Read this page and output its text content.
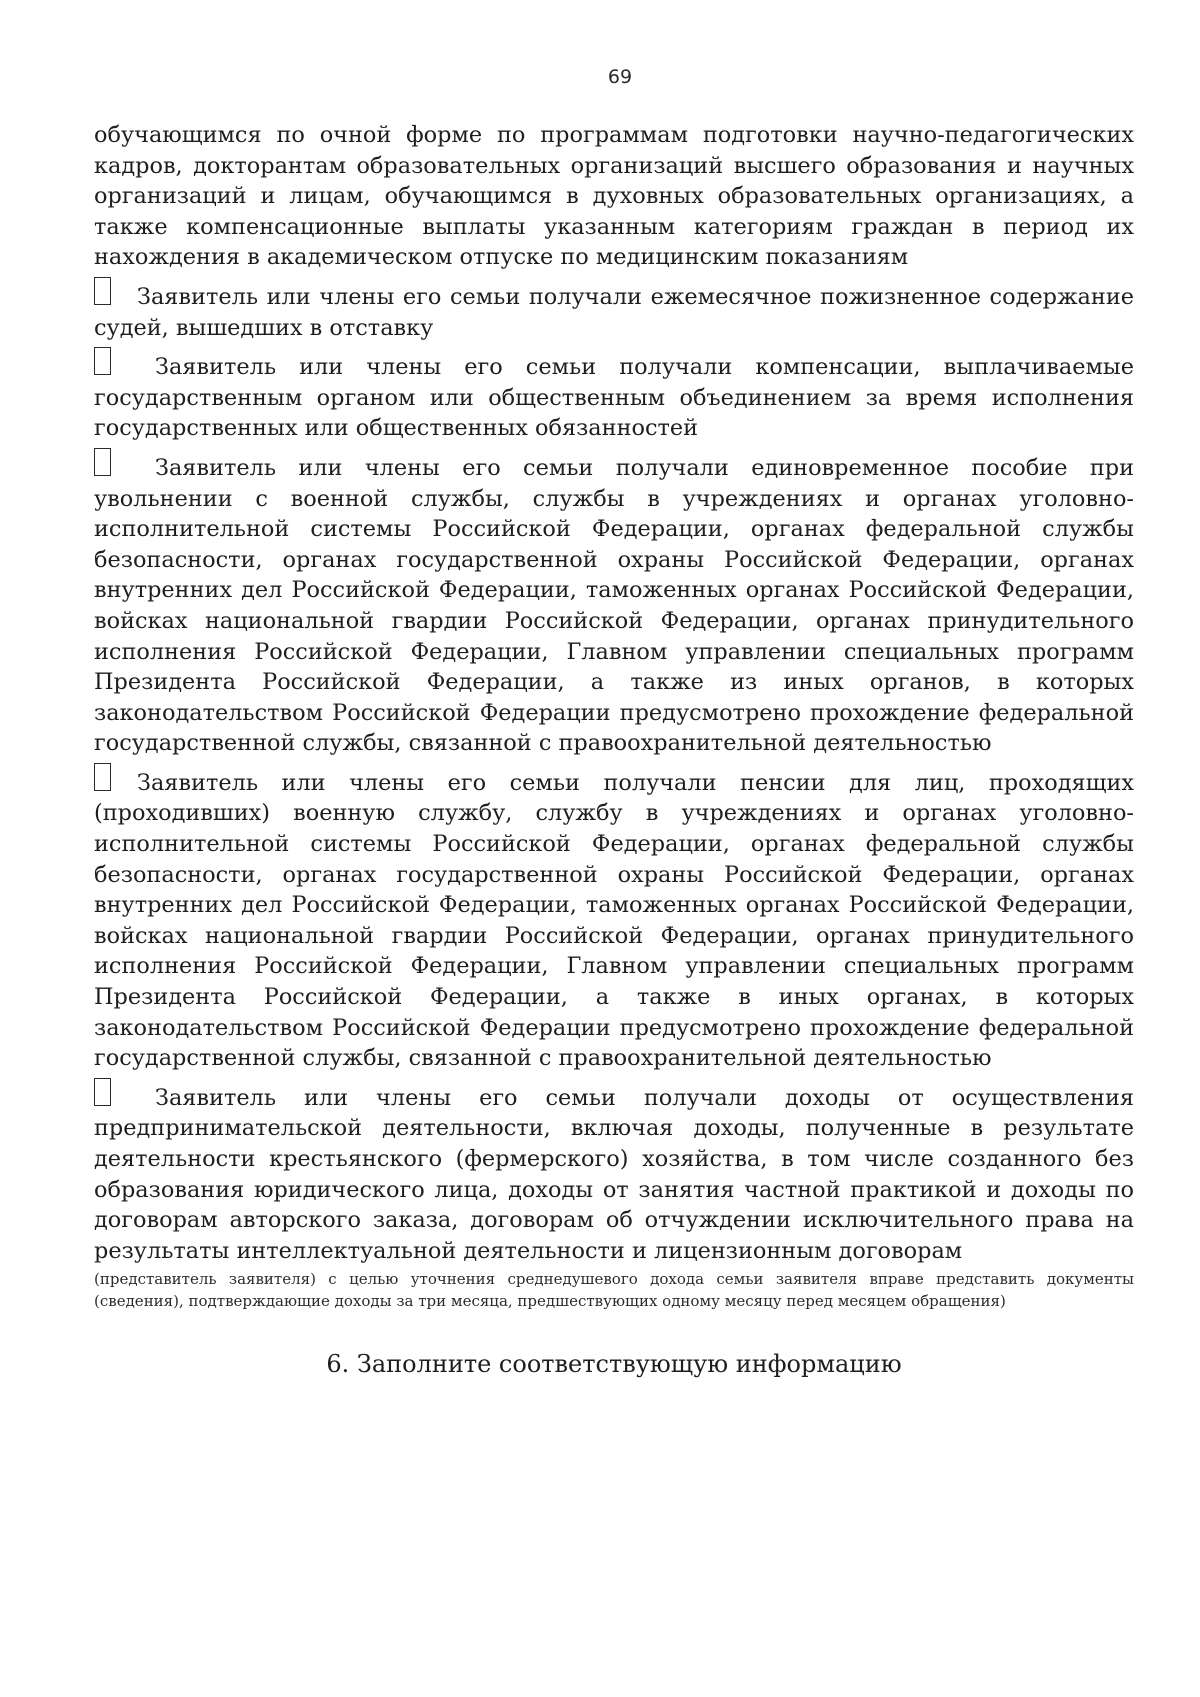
69

обучающимся по очной форме по программам подготовки научно-педагогических кадров, докторантам образовательных организаций высшего образования и научных организаций и лицам, обучающимся в духовных образовательных организациях, а также компенсационные выплаты указанным категориям граждан в период их нахождения в академическом отпуске по медицинским показаниям

Заявитель или члены его семьи получали ежемесячное пожизненное содержание судей, вышедших в отставку

Заявитель или члены его семьи получали компенсации, выплачиваемые государственным органом или общественным объединением за время исполнения государственных или общественных обязанностей

Заявитель или члены его семьи получали единовременное пособие при увольнении с военной службы, службы в учреждениях и органах уголовно-исполнительной системы Российской Федерации, органах федеральной службы безопасности, органах государственной охраны Российской Федерации, органах внутренних дел Российской Федерации, таможенных органах Российской Федерации, войсках национальной гвардии Российской Федерации, органах принудительного исполнения Российской Федерации, Главном управлении специальных программ Президента Российской Федерации, а также из иных органов, в которых законодательством Российской Федерации предусмотрено прохождение федеральной государственной службы, связанной с правоохранительной деятельностью

Заявитель или члены его семьи получали пенсии для лиц, проходящих (проходивших) военную службу, службу в учреждениях и органах уголовно-исполнительной системы Российской Федерации, органах федеральной службы безопасности, органах государственной охраны Российской Федерации, органах внутренних дел Российской Федерации, таможенных органах Российской Федерации, войсках национальной гвардии Российской Федерации, органах принудительного исполнения Российской Федерации, Главном управлении специальных программ Президента Российской Федерации, а также в иных органах, в которых законодательством Российской Федерации предусмотрено прохождение федеральной государственной службы, связанной с правоохранительной деятельностью

Заявитель или члены его семьи получали доходы от осуществления предпринимательской деятельности, включая доходы, полученные в результате деятельности крестьянского (фермерского) хозяйства, в том числе созданного без образования юридического лица, доходы от занятия частной практикой и доходы по договорам авторского заказа, договорам об отчуждении исключительного права на результаты интеллектуальной деятельности и лицензионным договорам

(представитель заявителя) с целью уточнения среднедушевого дохода семьи заявителя вправе представить документы (сведения), подтверждающие доходы за три месяца, предшествующих одному месяцу перед месяцем обращения)

6. Заполните соответствующую информацию
